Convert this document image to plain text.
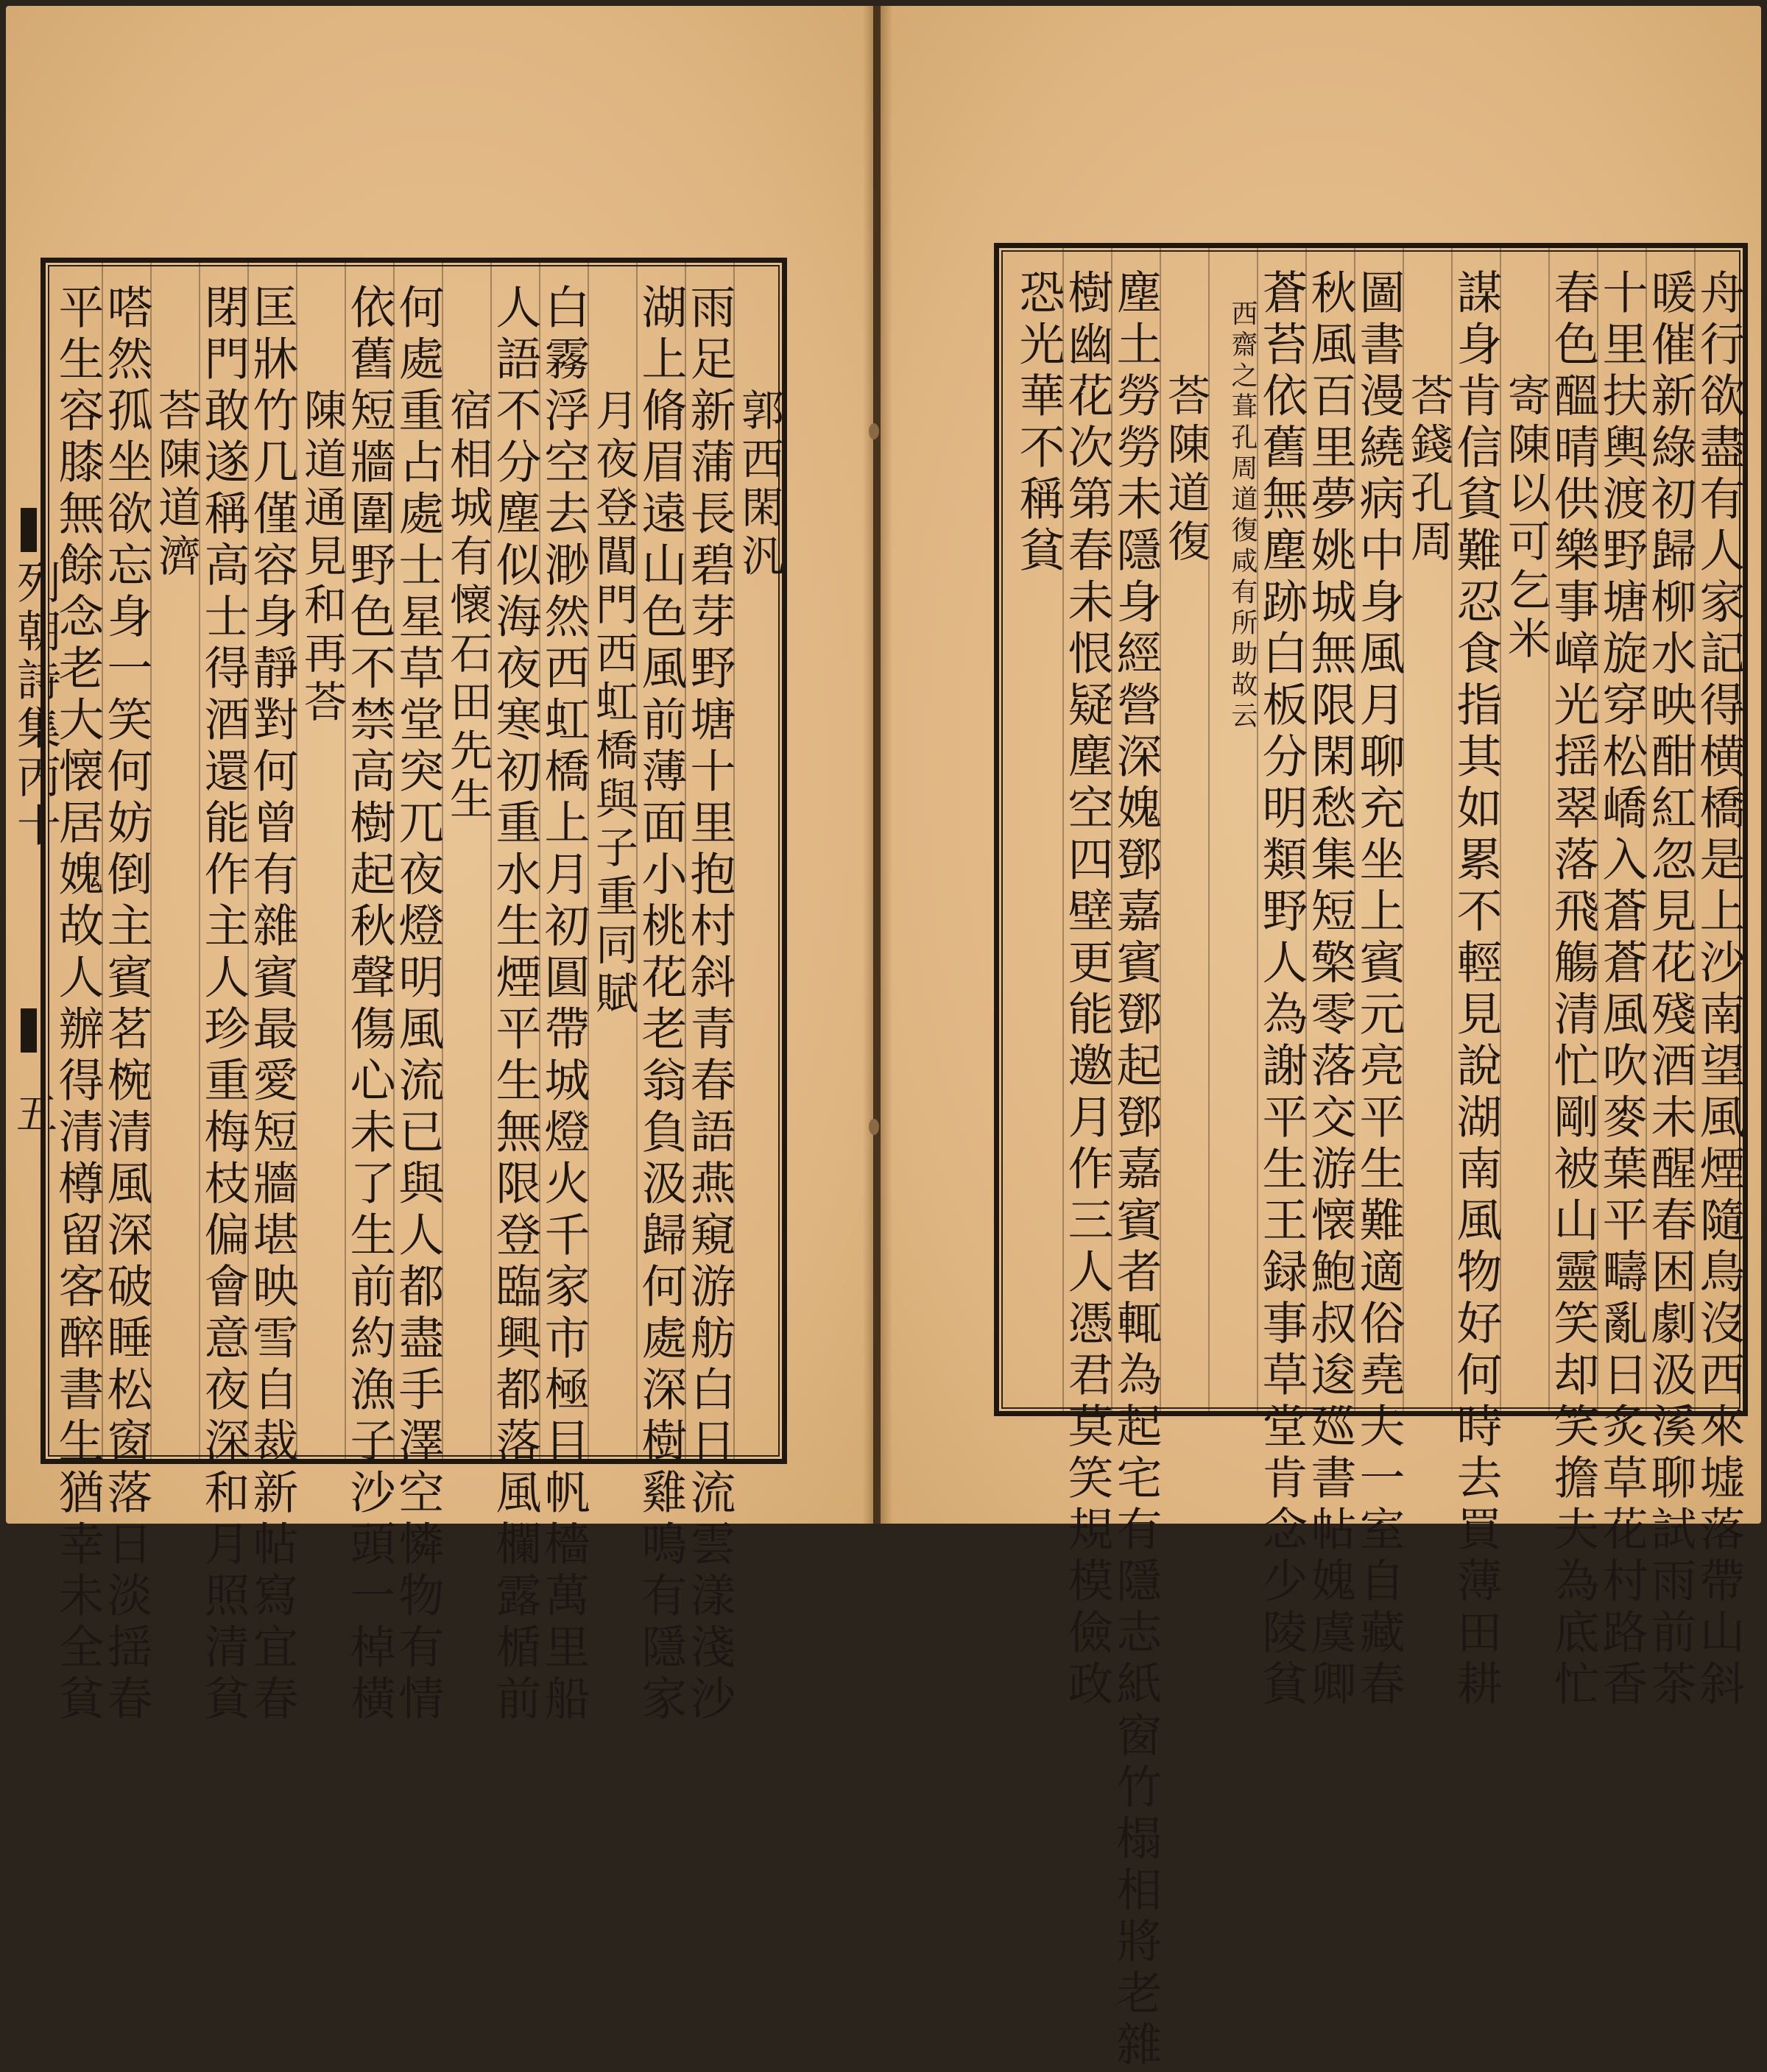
列朝詩集丙十
五
郭西閑汎
雨足新蒲長碧芽野塘十里抱村斜青春語燕窺游舫白日流雲漾淺沙
湖上脩眉遠山色風前薄面小桃花老翁負汲歸何處深樹雞鳴有隱家
月夜登閶門西虹橋與子重同賦
白霧浮空去渺然西虹橋上月初圓帶城燈火千家市極目帆檣萬里船
人語不分塵似海夜寒初重水生煙平生無限登臨興都落風欄露楯前
宿相城有懷石田先生
何處重占處士星草堂突兀夜燈明風流已與人都盡手澤空憐物有情
依舊短牆圍野色不禁高樹起秋聲傷心未了生前約漁子沙頭一棹橫
陳道通見和再荅
匡牀竹几僅容身靜對何曾有雜賓最愛短牆堪映雪自裁新帖寫宜春
閉門敢遂稱高士得酒還能作主人珍重梅枝偏會意夜深和月照清貧
荅陳道濟
嗒然孤坐欲忘身一笑何妨倒主賓茗椀清風深破睡松窗落日淡揺春
平生容膝無餘念老大懐居媿故人辦得清樽留客醉書生猶幸未全貧	舟行欲盡有人家記得横橋是上沙南望風煙隨鳥沒西來墟落帶山斜
暖催新綠初歸柳水映酣紅忽見花殘酒未醒春困劇汲溪聊試雨前茶
十里扶輿渡野塘旋穿松嶠入蒼蒼風吹麥葉平疇亂日炙草花村路香
春色醞晴供樂事嶂光揺翠落飛觴清忙剛被山靈笑却笑擔夫為底忙
寄陳以可乞米
謀身肯信貧難忍食指其如累不輕見說湖南風物好何時去買薄田耕
荅錢孔周
圖書漫繞病中身風月聊充坐上賓元亮平生難適俗堯夫一室自藏春
秋風百里夢姚城無限閑愁集短檠零落交游懐鮑叔逡廵書帖媿虞卿
蒼苔依舊無塵跡白板分明類野人為謝平生王録事草堂肯念少陵貧
西齋之葺孔周道復咸有所助故云
荅陳道復
塵土勞勞未隱身經營深媿鄧嘉賓鄧起鄧嘉賓者輒為起宅有隱志紙窗竹榻相將老雜
樹幽花次第春未恨疑塵空四壁更能邀月作三人憑君莫笑規模儉政
恐光華不稱貧
